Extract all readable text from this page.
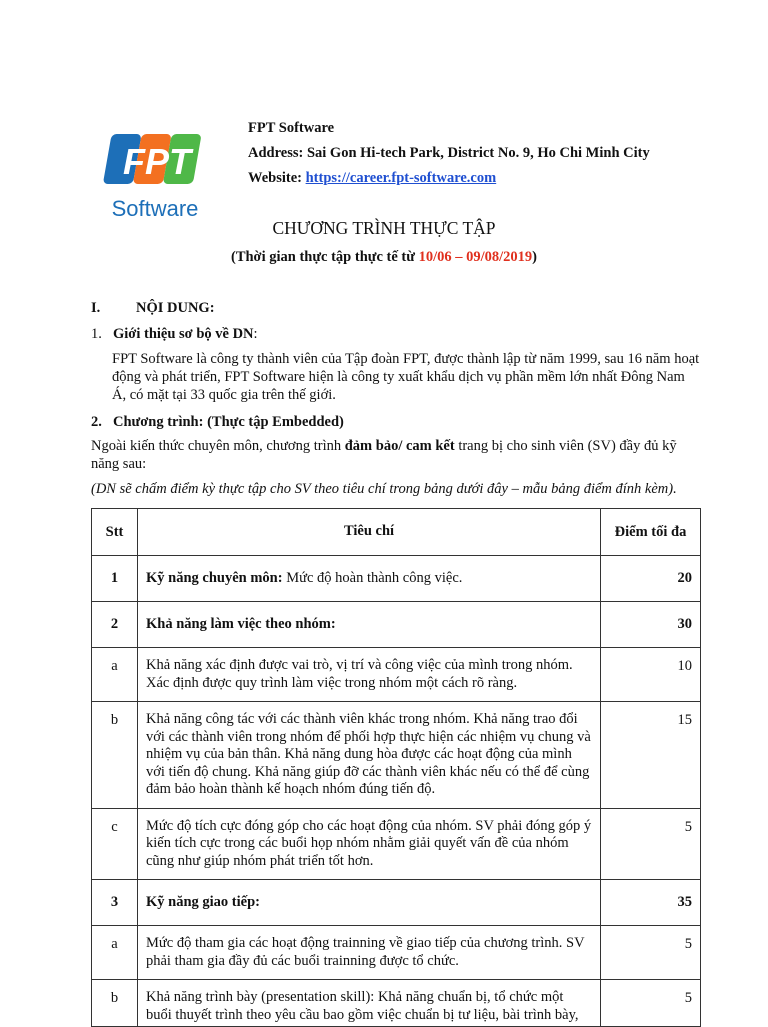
FPT
Software
FPT Software
Address: Sai Gon Hi-tech Park, District No. 9, Ho Chi Minh City
Website: https://career.fpt-software.com
CHƯƠNG TRÌNH THỰC TẬP
(Thời gian thực tập thực tế từ 10/06 – 09/08/2019)
I. NỘI DUNG:
1. Giới thiệu sơ bộ về DN:
FPT Software là công ty thành viên của Tập đoàn FPT, được thành lập từ năm 1999, sau 16 năm hoạt động và phát triển, FPT Software hiện là công ty xuất khẩu dịch vụ phần mềm lớn nhất Đông Nam Á, có mặt tại 33 quốc gia trên thế giới.
2. Chương trình: (Thực tập Embedded)
Ngoài kiến thức chuyên môn, chương trình đảm bảo/ cam kết trang bị cho sinh viên (SV) đầy đủ kỹ năng sau:
(DN sẽ chấm điểm kỳ thực tập cho SV theo tiêu chí trong bảng dưới đây – mẫu bảng điểm đính kèm).
Stt	Tiêu chí	Điểm tối đa
1	Kỹ năng chuyên môn: Mức độ hoàn thành công việc.	20
2	Khả năng làm việc theo nhóm:	30
a	Khả năng xác định được vai trò, vị trí và công việc của mình trong nhóm. Xác định được quy trình làm việc trong nhóm một cách rõ ràng.	10
b	Khả năng công tác với các thành viên khác trong nhóm. Khả năng trao đổi với các thành viên trong nhóm để phối hợp thực hiện các nhiệm vụ chung và nhiệm vụ của bản thân. Khả năng dung hòa được các hoạt động của mình với tiến độ chung. Khả năng giúp đỡ các thành viên khác nếu có thể để cùng đảm bảo hoàn thành kế hoạch nhóm đúng tiến độ.	15
c	Mức độ tích cực đóng góp cho các hoạt động của nhóm. SV phải đóng góp ý kiến tích cực trong các buổi họp nhóm nhằm giải quyết vấn đề của nhóm cũng như giúp nhóm phát triển tốt hơn.	5
3	Kỹ năng giao tiếp:	35
a	Mức độ tham gia các hoạt động trainning về giao tiếp của chương trình. SV phải tham gia đầy đủ các buổi trainning được tổ chức.	5
b	Khả năng trình bày (presentation skill): Khả năng chuẩn bị, tổ chức một buổi thuyết trình theo yêu cầu bao gồm việc chuẩn bị tư liệu, bài trình bày,	5
